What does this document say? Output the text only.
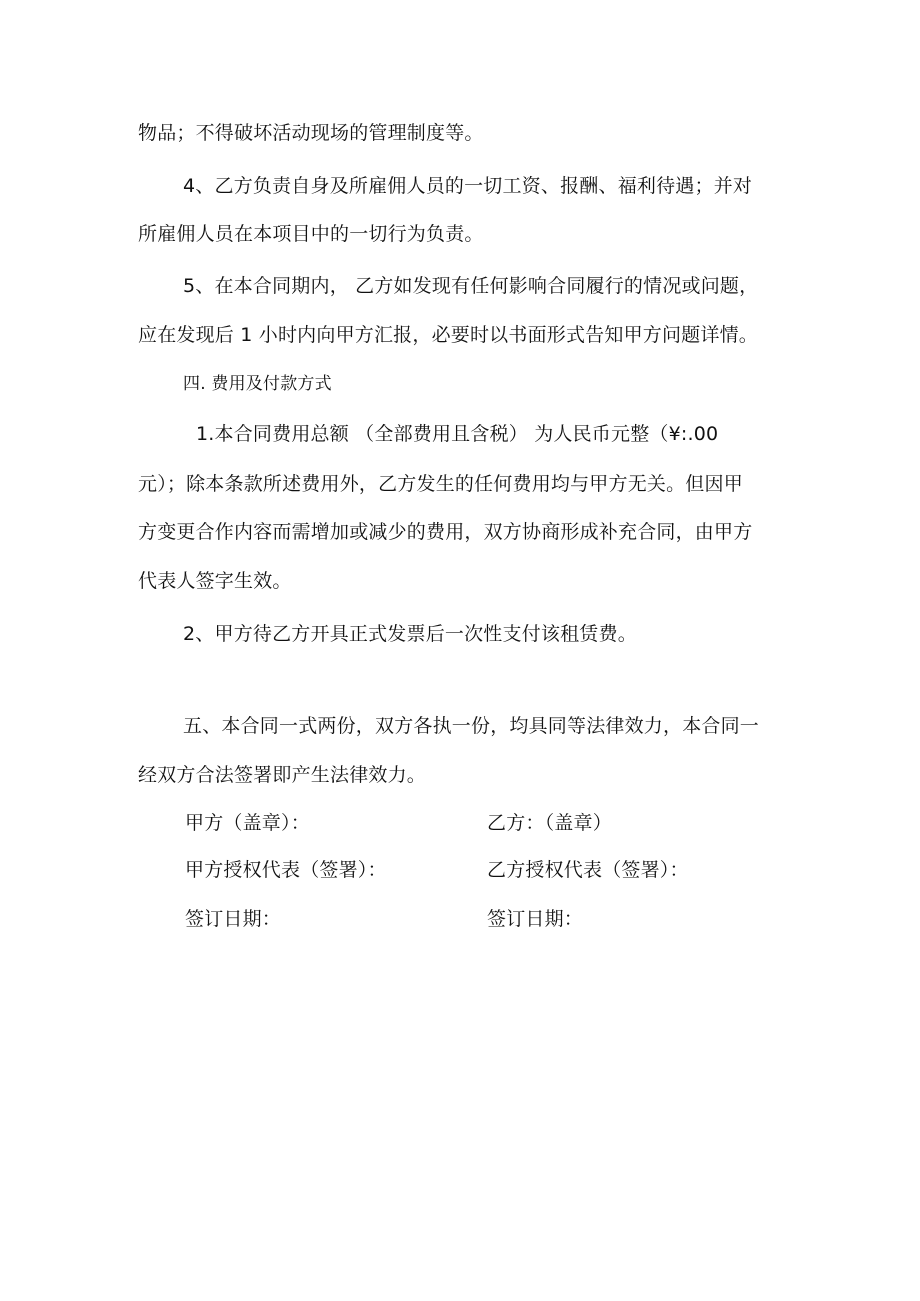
物品；不得破坏活动现场的管理制度等。
4、乙方负责自身及所雇佣人员的一切工资、报酬、福利待遇；并对
所雇佣人员在本项目中的一切行为负责。
5、在本合同期内， 乙方如发现有任何影响合同履行的情况或问题，
应在发现后 1 小时内向甲方汇报，必要时以书面形式告知甲方问题详情。
四. 费用及付款方式
1.本合同费用总额 （全部费用且含税） 为人民币元整（¥:.00
元）；除本条款所述费用外，乙方发生的任何费用均与甲方无关。但因甲
方变更合作内容而需增加或减少的费用，双方协商形成补充合同，由甲方
代表人签字生效。
2、甲方待乙方开具正式发票后一次性支付该租赁费。
五、本合同一式两份，双方各执一份，均具同等法律效力，本合同一
经双方合法签署即产生法律效力。
甲方（盖章）：	乙方：（盖章）
甲方授权代表（签署）：	乙方授权代表（签署）：
签订日期：	签订日期：
